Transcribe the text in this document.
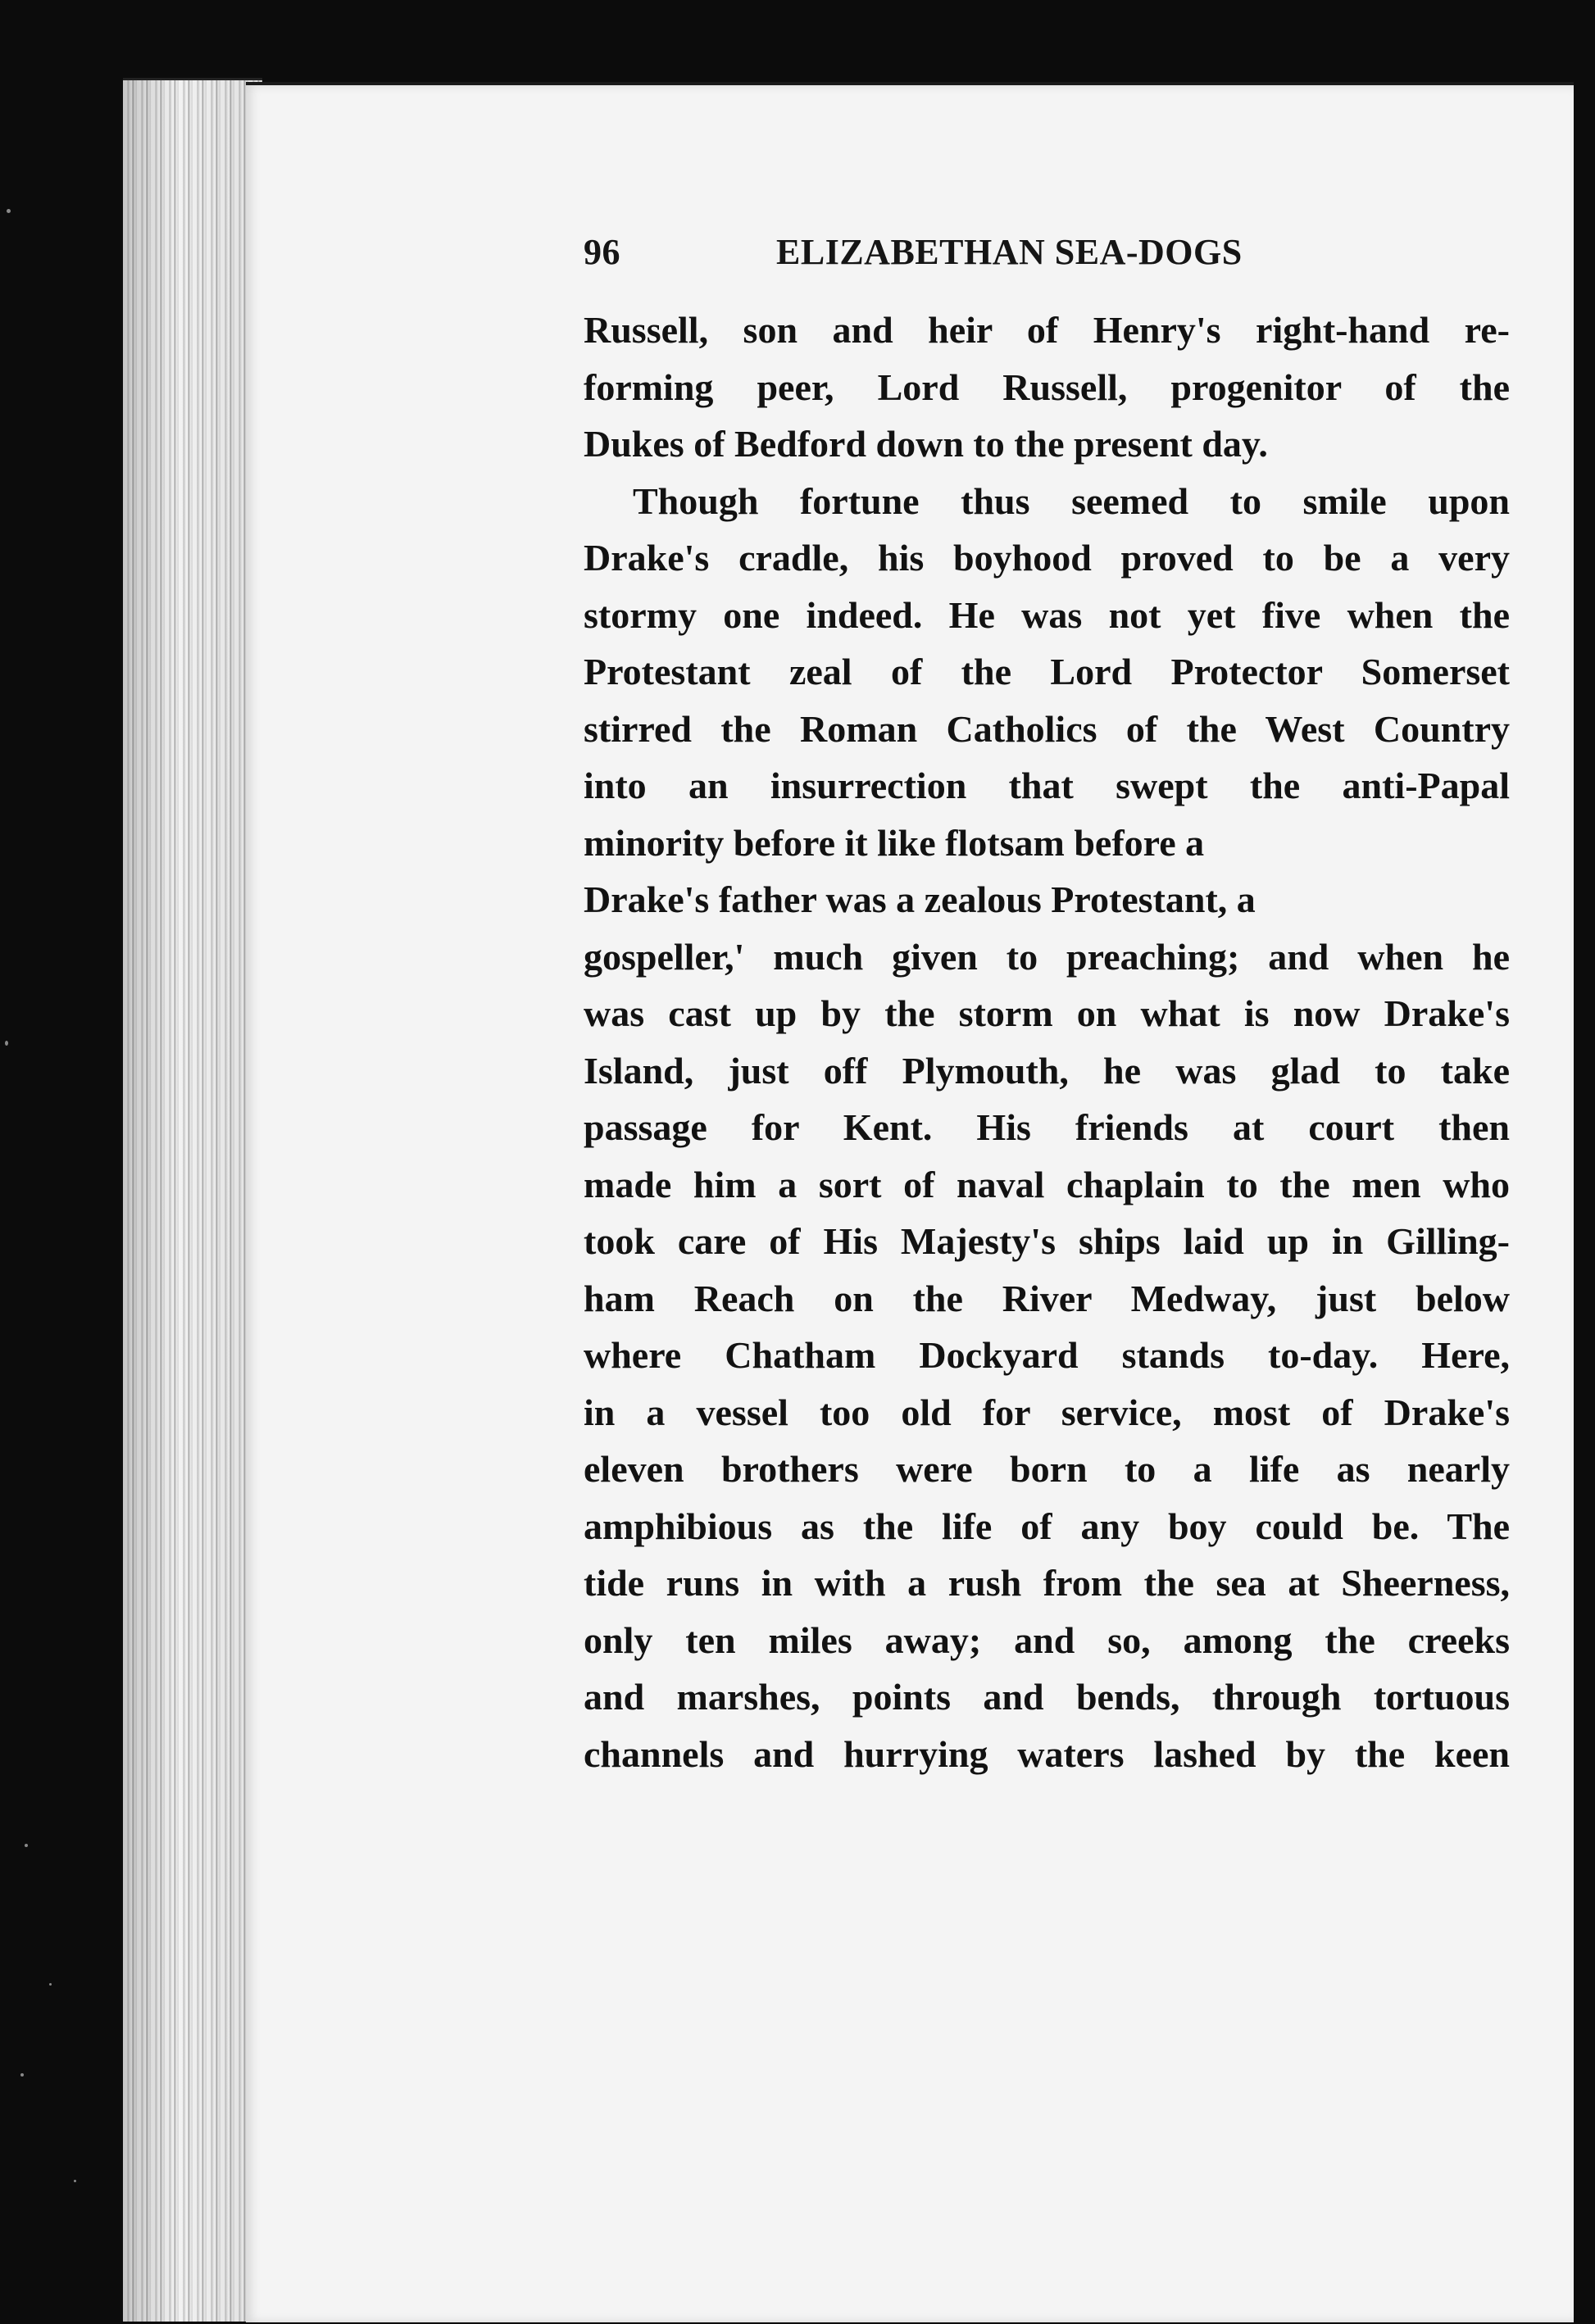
96	ELIZABETHAN SEA-DOGS
Russell, son and heir of Henry's right-hand re-
forming peer, Lord Russell, progenitor of the
Dukes of Bedford down to the present day.
Though fortune thus seemed to smile upon
Drake's cradle, his boyhood proved to be a very
stormy one indeed. He was not yet five when the
Protestant zeal of the Lord Protector Somerset
stirred the Roman Catholics of the West Country
into an insurrection that swept the anti-Papal
minority before it like flotsam before a
Drake's father was a zealous Protestant, a
gospeller,' much given to preaching; and when he
was cast up by the storm on what is now Drake's
Island, just off Plymouth, he was glad to take
passage for Kent. His friends at court then
made him a sort of naval chaplain to the men who
took care of His Majesty's ships laid up in Gilling-
ham Reach on the River Medway, just below
where Chatham Dockyard stands to-day. Here,
in a vessel too old for service, most of Drake's
eleven brothers were born to a life as nearly
amphibious as the life of any boy could be. The
tide runs in with a rush from the sea at Sheerness,
only ten miles away; and so, among the creeks
and marshes, points and bends, through tortuous
channels and hurrying waters lashed by the keen
